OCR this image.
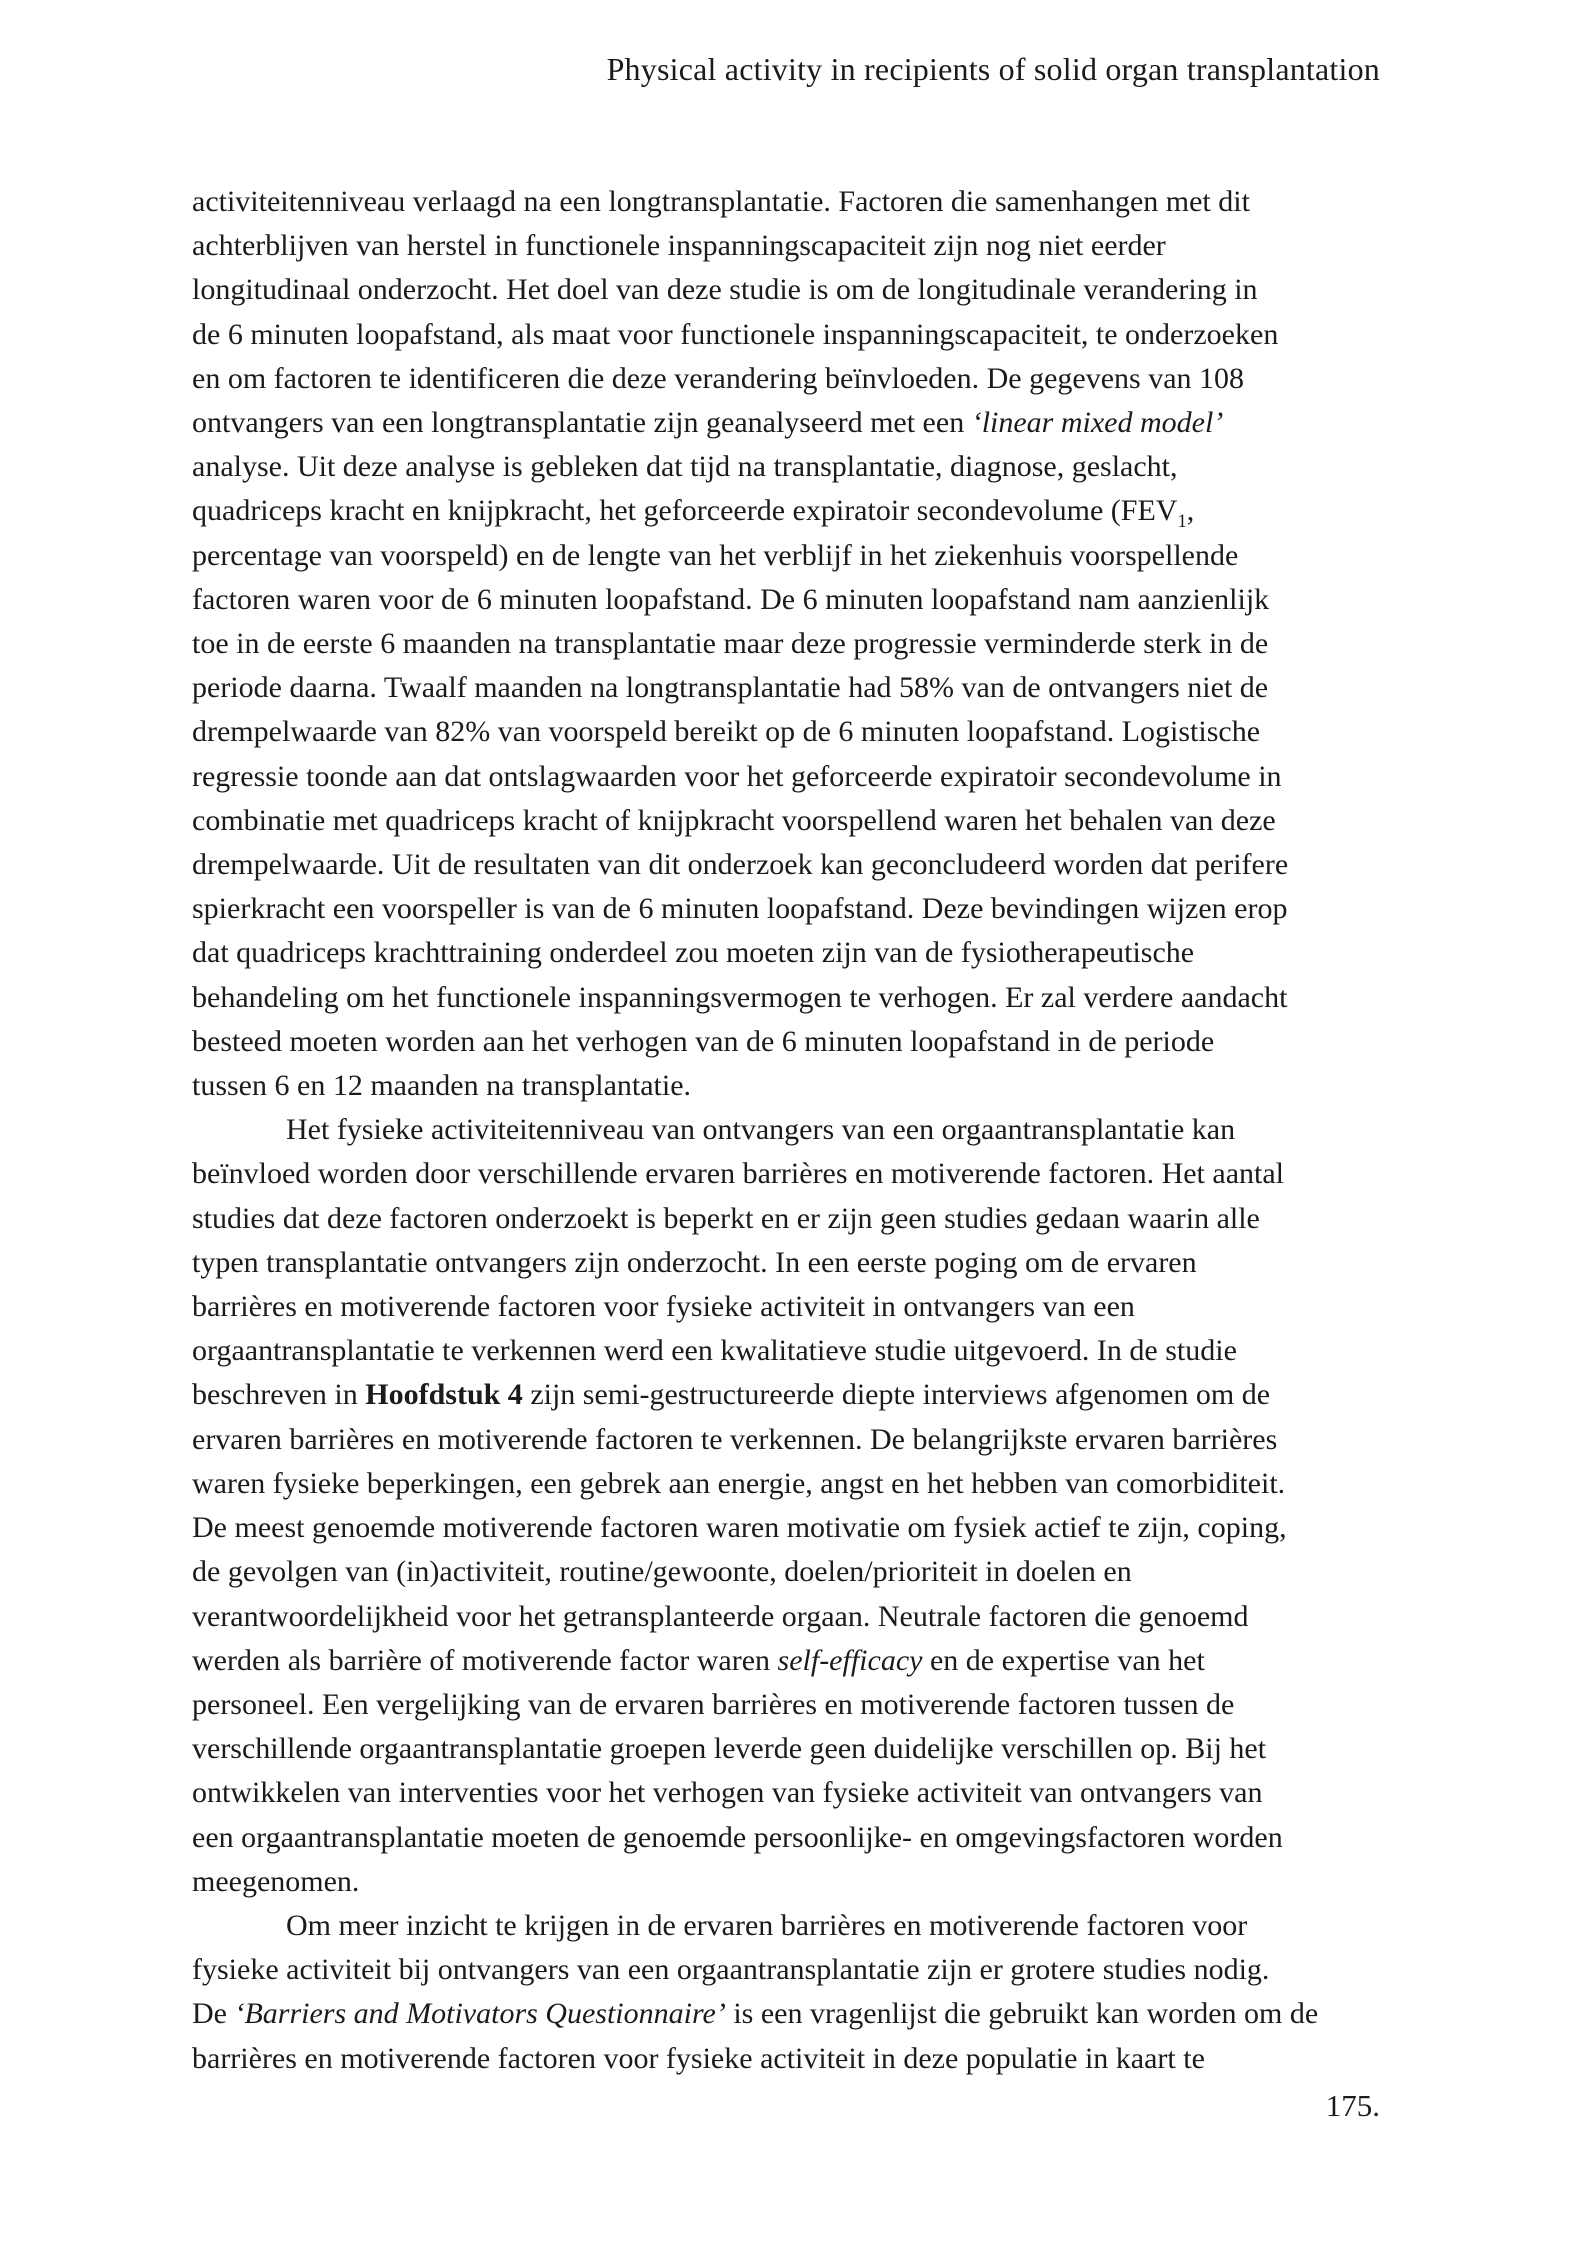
Physical activity in recipients of solid organ transplantation
activiteitenniveau verlaagd na een longtransplantatie. Factoren die samenhangen met dit
achterblijven van herstel in functionele inspanningscapaciteit zijn nog niet eerder
longitudinaal onderzocht. Het doel van deze studie is om de longitudinale verandering in
de 6 minuten loopafstand, als maat voor functionele inspanningscapaciteit, te onderzoeken
en om factoren te identificeren die deze verandering beïnvloeden. De gegevens van 108
ontvangers van een longtransplantatie zijn geanalyseerd met een ‘linear mixed model’
analyse. Uit deze analyse is gebleken dat tijd na transplantatie, diagnose, geslacht,
quadriceps kracht en knijpkracht, het geforceerde expiratoir secondevolume ($FEV_1$,
percentage van voorspeld) en de lengte van het verblijf in het ziekenhuis voorspellende
factoren waren voor de 6 minuten loopafstand. De 6 minuten loopafstand nam aanzienlijk
toe in de eerste 6 maanden na transplantatie maar deze progressie verminderde sterk in de
periode daarna. Twaalf maanden na longtransplantatie had 58% van de ontvangers niet de
drempelwaarde van 82% van voorspeld bereikt op de 6 minuten loopafstand. Logistische
regressie toonde aan dat ontslagwaarden voor het geforceerde expiratoir secondevolume in
combinatie met quadriceps kracht of knijpkracht voorspellend waren het behalen van deze
drempelwaarde. Uit de resultaten van dit onderzoek kan geconcludeerd worden dat perifere
spierkracht een voorspeller is van de 6 minuten loopafstand. Deze bevindingen wijzen erop
dat quadriceps krachttraining onderdeel zou moeten zijn van de fysiotherapeutische
behandeling om het functionele inspanningsvermogen te verhogen. Er zal verdere aandacht
besteed moeten worden aan het verhogen van de 6 minuten loopafstand in de periode
tussen 6 en 12 maanden na transplantatie.
Het fysieke activiteitenniveau van ontvangers van een orgaantransplantatie kan
beïnvloed worden door verschillende ervaren barrières en motiverende factoren. Het aantal
studies dat deze factoren onderzoekt is beperkt en er zijn geen studies gedaan waarin alle
typen transplantatie ontvangers zijn onderzocht. In een eerste poging om de ervaren
barrières en motiverende factoren voor fysieke activiteit in ontvangers van een
orgaantransplantatie te verkennen werd een kwalitatieve studie uitgevoerd. In de studie
beschreven in Hoofdstuk 4 zijn semi-gestructureerde diepte interviews afgenomen om de
ervaren barrières en motiverende factoren te verkennen. De belangrijkste ervaren barrières
waren fysieke beperkingen, een gebrek aan energie, angst en het hebben van comorbiditeit.
De meest genoemde motiverende factoren waren motivatie om fysiek actief te zijn, coping,
de gevolgen van (in)activiteit, routine/gewoonte, doelen/prioriteit in doelen en
verantwoordelijkheid voor het getransplanteerde orgaan. Neutrale factoren die genoemd
werden als barrière of motiverende factor waren self-efficacy en de expertise van het
personeel. Een vergelijking van de ervaren barrières en motiverende factoren tussen de
verschillende orgaantransplantatie groepen leverde geen duidelijke verschillen op. Bij het
ontwikkelen van interventies voor het verhogen van fysieke activiteit van ontvangers van
een orgaantransplantatie moeten de genoemde persoonlijke- en omgevingsfactoren worden
meegenomen.
Om meer inzicht te krijgen in de ervaren barrières en motiverende factoren voor
fysieke activiteit bij ontvangers van een orgaantransplantatie zijn er grotere studies nodig.
De ‘Barriers and Motivators Questionnaire’ is een vragenlijst die gebruikt kan worden om de
barrières en motiverende factoren voor fysieke activiteit in deze populatie in kaart te
175.
